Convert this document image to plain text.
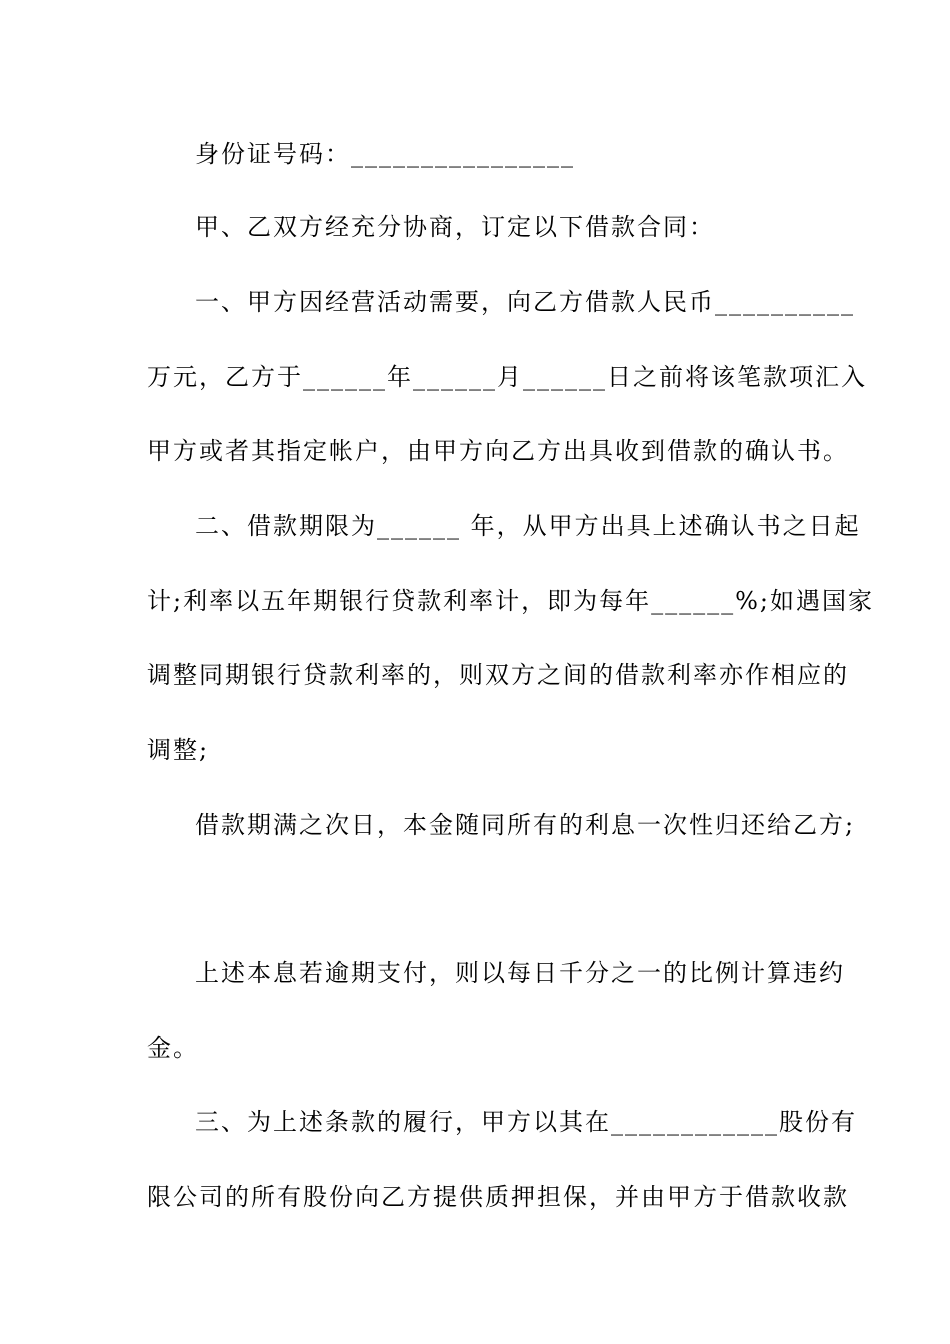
身份证号码：________________
甲、乙双方经充分协商，订定以下借款合同：
一、甲方因经营活动需要，向乙方借款人民币__________
万元，乙方于______年______月______日之前将该笔款项汇入
甲方或者其指定帐户，由甲方向乙方出具收到借款的确认书。
二、借款期限为______ 年，从甲方出具上述确认书之日起
计;利率以五年期银行贷款利率计，即为每年______%;如遇国家
调整同期银行贷款利率的，则双方之间的借款利率亦作相应的
调整;
借款期满之次日，本金随同所有的利息一次性归还给乙方;
上述本息若逾期支付，则以每日千分之一的比例计算违约
金。
三、为上述条款的履行，甲方以其在____________股份有
限公司的所有股份向乙方提供质押担保，并由甲方于借款收款
